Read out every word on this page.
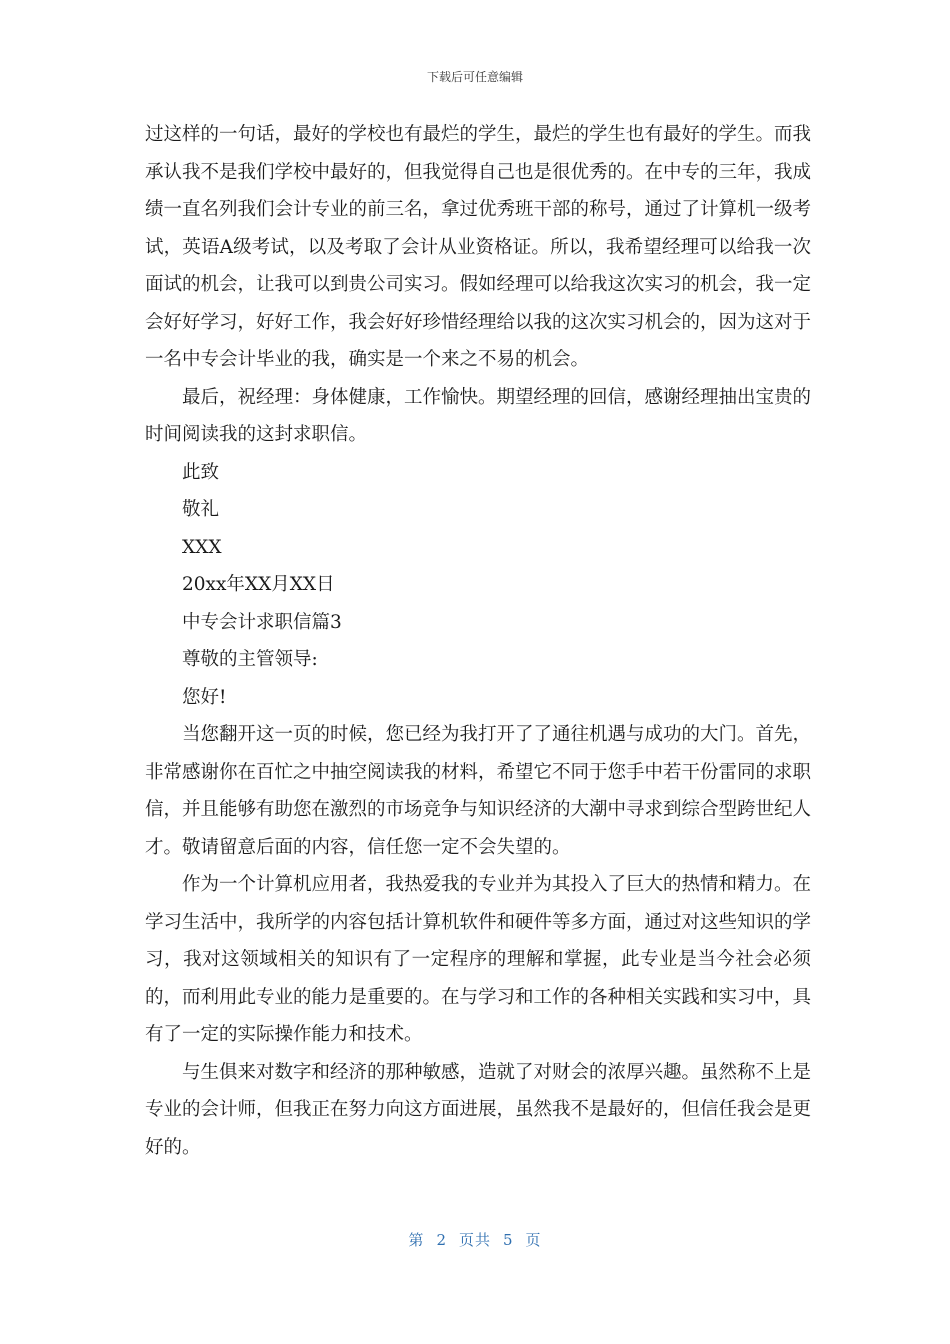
下载后可任意编辑

过这样的一句话，最好的学校也有最烂的学生，最烂的学生也有最好的学生。而我承认我不是我们学校中最好的，但我觉得自己也是很优秀的。在中专的三年，我成绩一直名列我们会计专业的前三名，拿过优秀班干部的称号，通过了计算机一级考试，英语A级考试，以及考取了会计从业资格证。所以，我希望经理可以给我一次面试的机会，让我可以到贵公司实习。假如经理可以给我这次实习的机会，我一定会好好学习，好好工作，我会好好珍惜经理给以我的这次实习机会的，因为这对于一名中专会计毕业的我，确实是一个来之不易的机会。

最后，祝经理：身体健康，工作愉快。期望经理的回信，感谢经理抽出宝贵的时间阅读我的这封求职信。

此致

敬礼

XXX

20xx年XX月XX日

中专会计求职信篇3

尊敬的主管领导:

您好!

当您翻开这一页的时候，您已经为我打开了了通往机遇与成功的大门。首先，非常感谢你在百忙之中抽空阅读我的材料，希望它不同于您手中若干份雷同的求职信，并且能够有助您在激烈的市场竞争与知识经济的大潮中寻求到综合型跨世纪人才。敬请留意后面的内容，信任您一定不会失望的。

作为一个计算机应用者，我热爱我的专业并为其投入了巨大的热情和精力。在学习生活中，我所学的内容包括计算机软件和硬件等多方面，通过对这些知识的学习，我对这领域相关的知识有了一定程序的理解和掌握，此专业是当今社会必须的，而利用此专业的能力是重要的。在与学习和工作的各种相关实践和实习中，具有了一定的实际操作能力和技术。

与生俱来对数字和经济的那种敏感，造就了对财会的浓厚兴趣。虽然称不上是专业的会计师，但我正在努力向这方面进展，虽然我不是最好的，但信任我会是更好的。

第 2 页共 5 页
